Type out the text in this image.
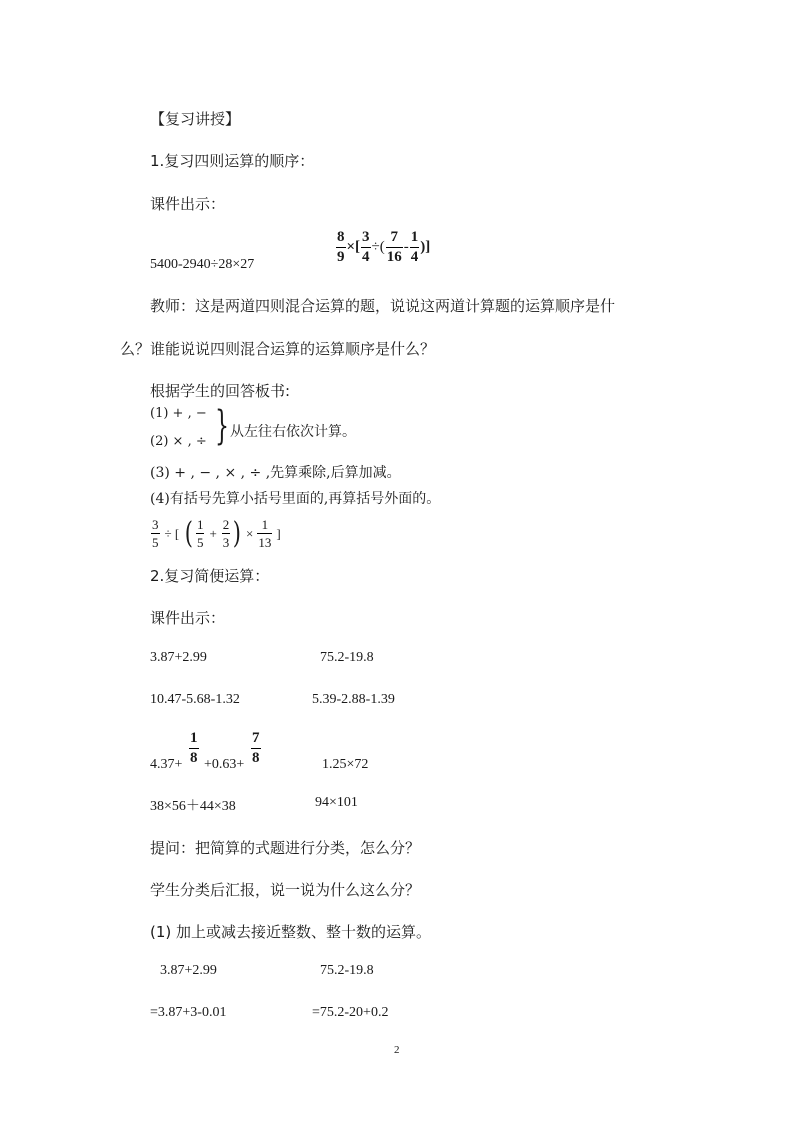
【复习讲授】
1.复习四则运算的顺序：
课件出示：
5400-2940÷28×27	$\frac{8}{9}$ ×[ $\frac{3}{4}$ ÷( $\frac{7}{16} - \frac{1}{4}$ )]
教师：这是两道四则混合运算的题，说说这两道计算题的运算顺序是什
么？谁能说说四则混合运算的运算顺序是什么？
根据学生的回答板书:
(1) + , −
(2) × , ÷ } 从左往右依次计算。
(3) + , − , × , ÷ ,先算乘除,后算加减。
(4)有括号先算小括号里面的,再算括号外面的。
$\frac{3}{5}$ ÷ [ ( $\frac{1}{5} + \frac{2}{3}$ ) × $\frac{1}{13}$ ]
2.复习简便运算：
课件出示：
3.87+2.99	75.2-19.8
10.47-5.68-1.32	5.39-2.88-1.39
$4.37+ \frac{1}{8} +0.63+ \frac{7}{8}$	1.25×72
38×56＋44×38	94×101
提问：把简算的式题进行分类，怎么分？
学生分类后汇报，说一说为什么这么分？
(1) 加上或减去接近整数、整十数的运算。
3.87+2.99	75.2-19.8
=3.87+3-0.01	=75.2-20+0.2
2
